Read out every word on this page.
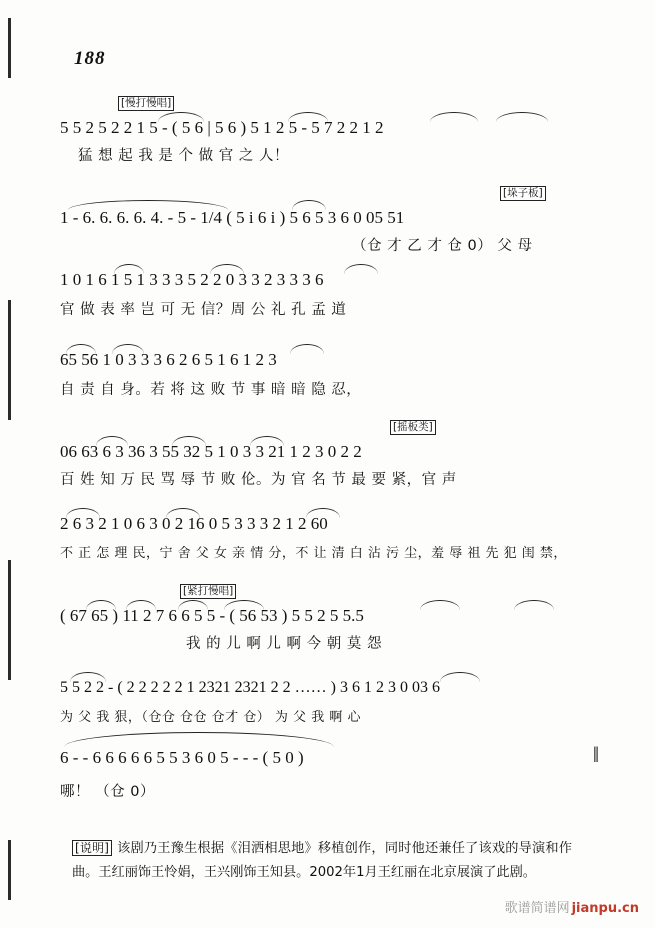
188
[慢打慢唱]
5 5 2 5 2 2 1 5 - ( 5 6 | 5 6 ) 5 1 2 5 - 5 7 2 2 1 2
猛 想 起 我 是 个 做 官 之 人！
[垛子板]
1 - 6. 6. 6. 6. 4. - 5 - 1/4 ( 5 i 6 i ) 5 6 5 3 6 0 05 51
（仓 才 乙 才 仓 0） 父 母
1 0 1 6 1 5 1 3 3 3 5 2 2 0 3 3 2 3 3 3 6
官 做 表 率 岂 可 无 信？周 公 礼 孔 孟 道
65 56 1 0 3 3 3 6 2 6 5 1 6 1 2 3
自 责 自 身。若 将 这 败 节 事 暗 暗 隐 忍，
[摇板类]
06 63 6 3 36 3 55 32 5 1 0 3 3 21 1 2 3 0 2 2
百 姓 知 万 民 骂 辱 节 败 伦。为 官 名 节 最 要 紧，官 声
2 6 3 2 1 0 6 3 0 2 16 0 5 3 3 3 2 1 2 60
不 正 怎 理 民，宁 舍 父 女 亲 情 分，不 让 清 白 沾 污 尘，羞 辱 祖 先 犯 闺 禁，
[紧打慢唱]
( 67 65 ) 11 2 7 6 6 5 5 - ( 56 53 ) 5 5 2 5 5.5
我 的 儿 啊 儿 啊 今 朝 莫 怨
5 5 2 2 - ( 2 2 2 2 2 1 2321 2321 2 2 …… ) 3 6 1 2 3 0 03 6
为 父 我 狠，（仓仓 仓仓 仓才 仓） 为 父 我 啊 心
6 - - 6 6 6 6 6 5 5 3 6 0 5 - - - ( 5 0 )	‖
哪！ （仓 0）
[说明] 该剧乃王豫生根据《泪洒相思地》移植创作，同时他还兼任了该戏的导演和作曲。王红丽饰王怜娟，王兴刚饰王知县。2002年1月王红丽在北京展演了此剧。
歌谱简谱网 jianpu.cn
